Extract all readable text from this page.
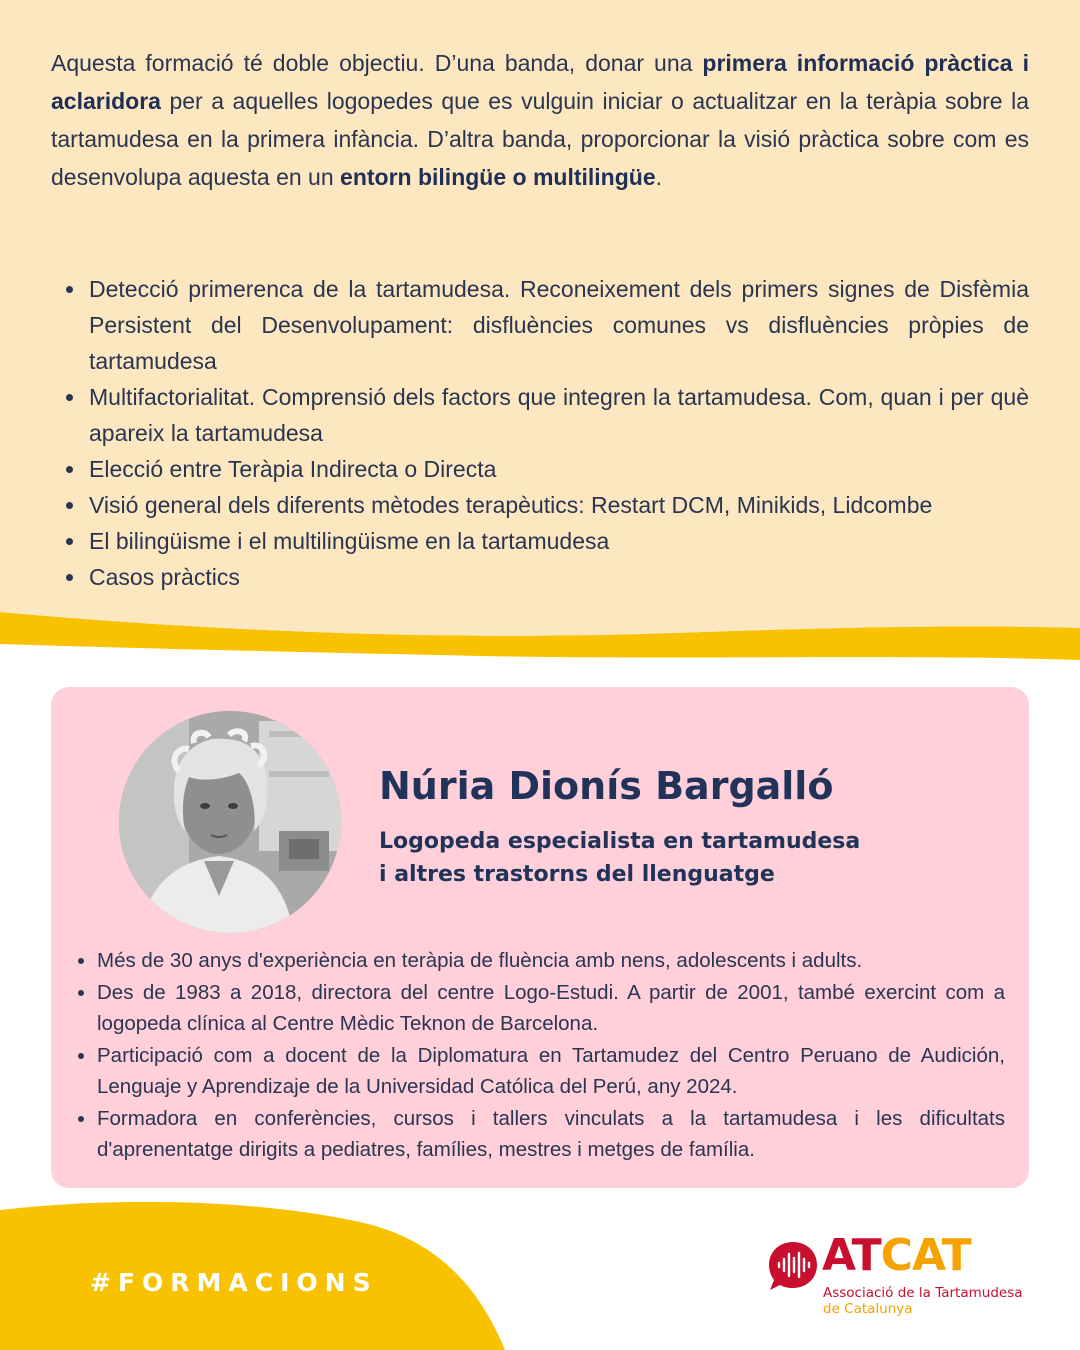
Aquesta formació té doble objectiu. D’una banda, donar una primera informació pràctica i aclaridora per a aquelles logopedes que es vulguin iniciar o actualitzar en la teràpia sobre la tartamudesa en la primera infància. D’altra banda, proporcionar la visió pràctica sobre com es desenvolupa aquesta en un entorn bilingüe o multilingüe.

Detecció primerenca de la tartamudesa. Reconeixement dels primers signes de Disfèmia Persistent del Desenvolupament: disfluències comunes vs disfluències pròpies de tartamudesa
Multifactorialitat. Comprensió dels factors que integren la tartamudesa. Com, quan i per què apareix la tartamudesa
Elecció entre Teràpia Indirecta o Directa
Visió general dels diferents mètodes terapèutics: Restart DCM, Minikids, Lidcombe
El bilingüisme i el multilingüisme en la tartamudesa
Casos pràctics
Núria Dionís Bargalló

Logopeda especialista en tartamudesa
i altres trastorns del llenguatge

Més de 30 anys d'experiència en teràpia de fluència amb nens, adolescents i adults.
Des de 1983 a 2018, directora del centre Logo-Estudi. A partir de 2001, també exercint com a logopeda clínica al Centre Mèdic Teknon de Barcelona.
Participació com a docent de la Diplomatura en Tartamudez del Centro Peruano de Audición, Lenguaje y Aprendizaje de la Universidad Católica del Perú, any 2024.
Formadora en conferències, cursos i tallers vinculats a la tartamudesa i les dificultats d'aprenentatge dirigits a pediatres, famílies, mestres i metges de família.

#FORMACIONS

ATCAT

Associació de la Tartamudesa
de Catalunya
